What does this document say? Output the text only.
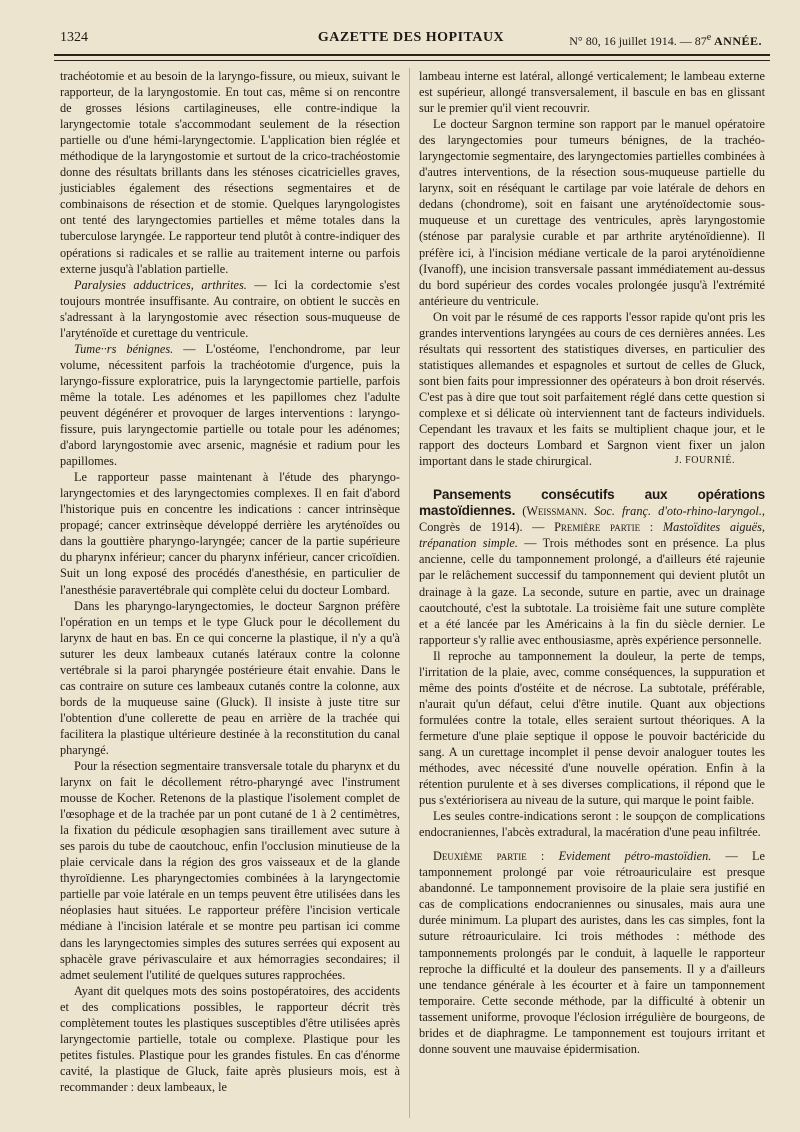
1324	GAZETTE DES HOPITAUX	N° 80, 16 juillet 1914. — 87e ANNÉE.

trachéotomie et au besoin de la laryngo-fissure, ou mieux, suivant le rapporteur, de la laryngostomie. En tout cas, même si on rencontre de grosses lésions cartilagineuses, elle contre-indique la laryngectomie totale s'accommodant seulement de la résection partielle ou d'une hémi-laryngectomie. L'application bien réglée et méthodique de la laryngostomie et surtout de la crico-trachéostomie donne des résultats brillants dans les sténoses cicatricielles graves, justiciables également des résections segmentaires et de combinaisons de résection et de stomie. Quelques laryngologistes ont tenté des laryngectomies partielles et même totales dans la tuberculose laryngée. Le rapporteur tend plutôt à contre-indiquer des opérations si radicales et se rallie au traitement interne ou parfois externe jusqu'à l'ablation partielle.

Paralysies adductrices, arthrites. — Ici la cordectomie s'est toujours montrée insuffisante. Au contraire, on obtient le succès en s'adressant à la laryngostomie avec résection sous-muqueuse de l'aryténoïde et curettage du ventricule.

Tume··rs bénignes. — L'ostéome, l'enchondrome, par leur volume, nécessitent parfois la trachéotomie d'urgence, puis la laryngo-fissure exploratrice, puis la laryngectomie partielle, parfois même la totale. Les adénomes et les papillomes chez l'adulte peuvent dégénérer et provoquer de larges interventions : laryngo-fissure, puis laryngectomie partielle ou totale pour les adénomes; d'abord laryngostomie avec arsenic, magnésie et radium pour les papillomes.

Le rapporteur passe maintenant à l'étude des pharyngo-laryngectomies et des laryngectomies complexes. Il en fait d'abord l'historique puis en concentre les indications : cancer intrinsèque propagé; cancer extrinsèque développé derrière les aryténoïdes ou dans la gouttière pharyngo-laryngée; cancer de la partie supérieure du pharynx inférieur; cancer du pharynx inférieur, cancer cricoïdien. Suit un long exposé des procédés d'anesthésie, en particulier de l'anesthésie paravertébrale qui complète celui du docteur Lombard.

Dans les pharyngo-laryngectomies, le docteur Sargnon préfère l'opération en un temps et le type Gluck pour le décollement du larynx de haut en bas. En ce qui concerne la plastique, il n'y a qu'à suturer les deux lambeaux cutanés latéraux contre la colonne vertébrale si la paroi pharyngée postérieure était envahie. Dans le cas contraire on suture ces lambeaux cutanés contre la colonne, aux bords de la muqueuse saine (Gluck). Il insiste à juste titre sur l'obtention d'une collerette de peau en arrière de la trachée qui facilitera la plastique ultérieure destinée à la reconstitution du canal pharyngé.

Pour la résection segmentaire transversale totale du pharynx et du larynx on fait le décollement rétro-pharyngé avec l'instrument mousse de Kocher. Retenons de la plastique l'isolement complet de l'œsophage et de la trachée par un pont cutané de 1 à 2 centimètres, la fixation du pédicule œsophagien sans tiraillement avec suture à ses parois du tube de caoutchouc, enfin l'occlusion minutieuse de la plaie cervicale dans la région des gros vaisseaux et de la glande thyroïdienne. Les pharyngectomies combinées à la laryngectomie partielle par voie latérale en un temps peuvent être utilisées dans les néoplasies haut situées. Le rapporteur préfère l'incision verticale médiane à l'incision latérale et se montre peu partisan ici comme dans les laryngectomies simples des sutures serrées qui exposent au sphacèle grave périvasculaire et aux hémorragies secondaires; il admet seulement l'utilité de quelques sutures rapprochées.

Ayant dit quelques mots des soins postopératoires, des accidents et des complications possibles, le rapporteur décrit très complètement toutes les plastiques susceptibles d'être utilisées après laryngectomie partielle, totale ou complexe. Plastique pour les petites fistules. Plastique pour les grandes fistules. En cas d'énorme cavité, la plastique de Gluck, faite après plusieurs mois, est à recommander : deux lambeaux, le

lambeau interne est latéral, allongé verticalement; le lambeau externe est supérieur, allongé transversalement, il bascule en bas en glissant sur le premier qu'il vient recouvrir.

Le docteur Sargnon termine son rapport par le manuel opératoire des laryngectomies pour tumeurs bénignes, de la trachéo-laryngectomie segmentaire, des laryngectomies partielles combinées à d'autres interventions, de la résection sous-muqueuse partielle du larynx, soit en réséquant le cartilage par voie latérale de dehors en dedans (chondrome), soit en faisant une aryténoïdectomie sous-muqueuse et un curettage des ventricules, après laryngostomie (sténose par paralysie curable et par arthrite aryténoïdienne). Il préfère ici, à l'incision médiane verticale de la paroi aryténoïdienne (Ivanoff), une incision transversale passant immédiatement au-dessus du bord supérieur des cordes vocales prolongée jusqu'à l'extrémité antérieure du ventricule.

On voit par le résumé de ces rapports l'essor rapide qu'ont pris les grandes interventions laryngées au cours de ces dernières années. Les résultats qui ressortent des statistiques diverses, en particulier des statistiques allemandes et espagnoles et surtout de celles de Gluck, sont bien faits pour impressionner des opérateurs à bon droit réservés. C'est pas à dire que tout soit parfaitement réglé dans cette question si complexe et si délicate où interviennent tant de facteurs individuels. Cependant les travaux et les faits se multiplient chaque jour, et le rapport des docteurs Lombard et Sargnon vient fixer un jalon important dans le stade chirurgical.	J. FOURNIÉ.

Pansements consécutifs aux opérations mastoïdiennes. (Weissmann. Soc. franç. d'oto-rhino-laryngol., Congrès de 1914). — Première partie : Mastoïdites aiguës, trépanation simple. — Trois méthodes sont en présence. La plus ancienne, celle du tamponnement prolongé, a d'ailleurs été rajeunie par le relâchement successif du tamponnement qui devient plutôt un drainage à la gaze. La seconde, suture en partie, avec un drainage caoutchouté, c'est la subtotale. La troisième fait une suture complète et a été lancée par les Américains à la fin du siècle dernier. Le rapporteur s'y rallie avec enthousiasme, après expérience personnelle.

Il reproche au tamponnement la douleur, la perte de temps, l'irritation de la plaie, avec, comme conséquences, la suppuration et même des points d'ostéite et de nécrose. La subtotale, préférable, n'aurait qu'un défaut, celui d'être inutile. Quant aux objections formulées contre la totale, elles seraient surtout théoriques. A la fermeture d'une plaie septique il oppose le pouvoir bactéricide du sang. A un curettage incomplet il pense devoir analoguer toutes les méthodes, avec nécessité d'une nouvelle opération. Enfin à la rétention purulente et à ses diverses complications, il répond que le pus s'extériorisera au niveau de la suture, qui marque le point faible.

Les seules contre-indications seront : le soupçon de complications endocraniennes, l'abcès extradural, la macération d'une peau infiltrée.

Deuxième partie : Evidement pétro-mastoïdien. — Le tamponnement prolongé par voie rétroauriculaire est presque abandonné. Le tamponnement provisoire de la plaie sera justifié en cas de complications endocraniennes ou sinusales, mais aura une durée minimum. La plupart des auristes, dans les cas simples, font la suture rétroauriculaire. Ici trois méthodes : méthode des tamponnements prolongés par le conduit, à laquelle le rapporteur reproche la difficulté et la douleur des pansements. Il y a d'ailleurs une tendance générale à les écourter et à faire un tamponnement temporaire. Cette seconde méthode, par la difficulté à obtenir un tassement uniforme, provoque l'éclosion irrégulière de bourgeons, de brides et de diaphragme. Le tamponnement est toujours irritant et donne souvent une mauvaise épidermisation.
